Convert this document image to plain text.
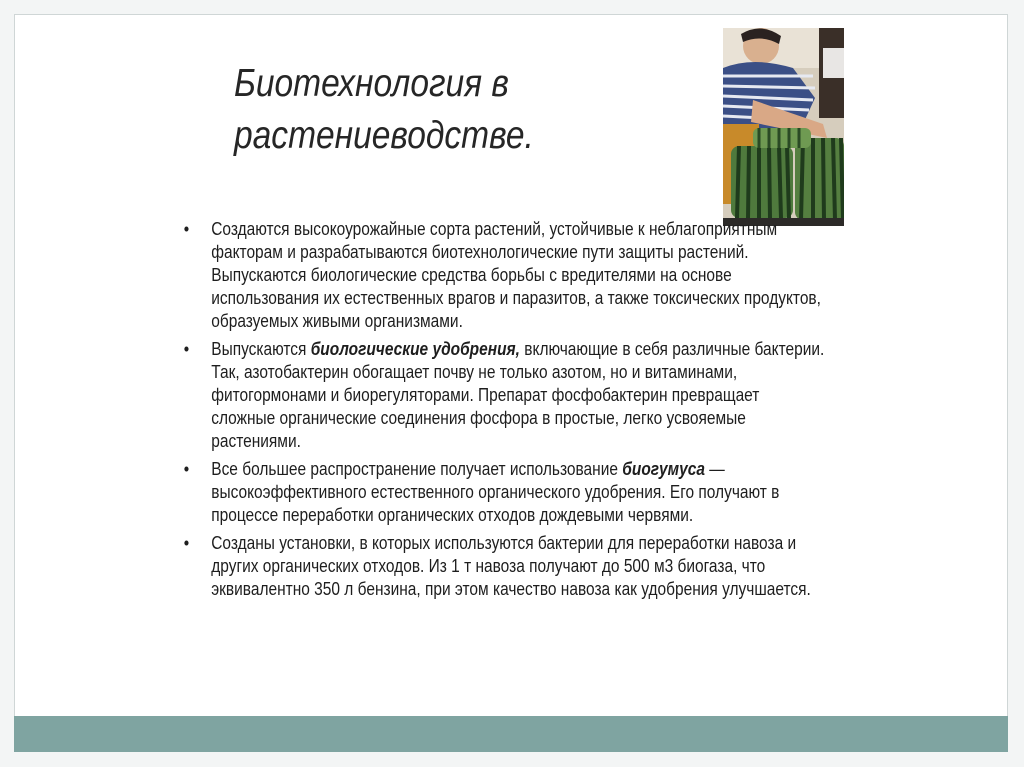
Биотехнология в
растениеводстве.
• Создаются высокоурожайные сорта растений, устойчивые к неблагоприятным факторам и разрабатываются биотехнологические пути защиты растений. Выпускаются биологические средства борьбы с вредителями на основе использования их естественных врагов и паразитов, а также токсических продуктов, образуемых живыми организмами.
• Выпускаются биологические удобрения, включающие в себя различные бактерии. Так, азотобактерин обогащает почву не только азотом, но и витаминами, фитогормонами и биорегуляторами. Препарат фосфобактерин превращает сложные органические соединения фосфора в простые, легко усвояемые растениями.
• Все большее распространение получает использование биогумуса — высокоэффективного естественного органического удобрения. Его получают в процессе переработки органических отходов дождевыми червями.
• Созданы установки, в которых используются бактерии для переработки навоза и других органических отходов. Из 1 т навоза получают до 500 м3 биогаза, что эквивалентно 350 л бензина, при этом качество навоза как удобрения улучшается.
